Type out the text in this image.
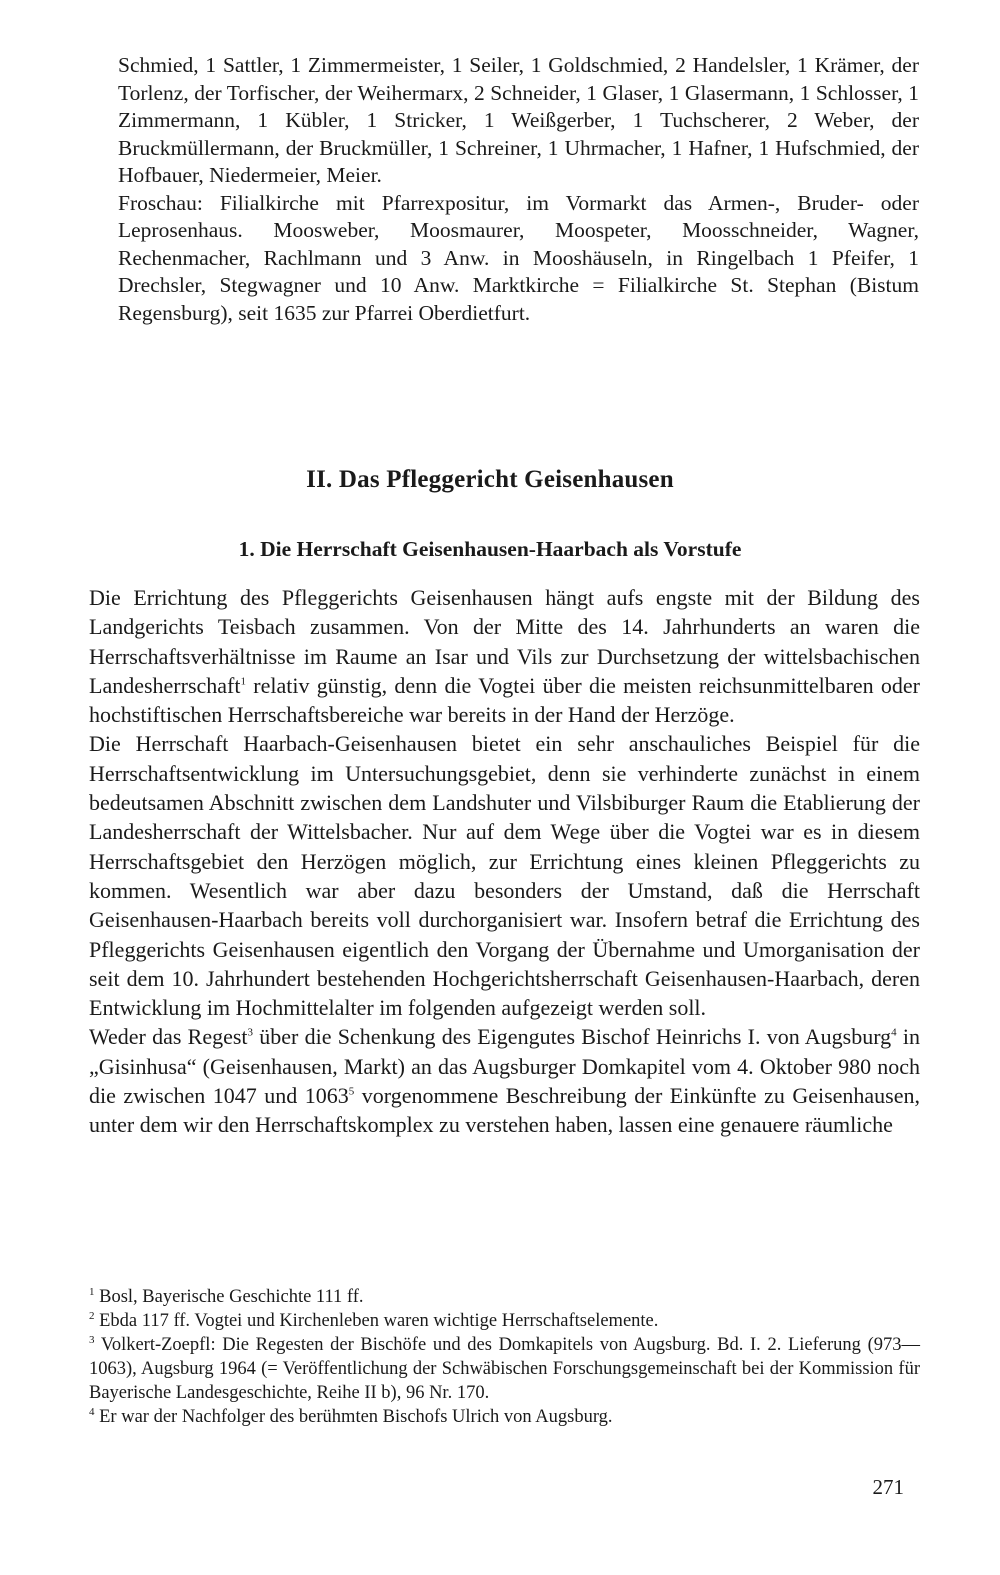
Schmied, 1 Sattler, 1 Zimmermeister, 1 Seiler, 1 Goldschmied, 2 Handelsler, 1 Krämer, der Torlenz, der Torfischer, der Weihermarx, 2 Schneider, 1 Glaser, 1 Glasermann, 1 Schlosser, 1 Zimmermann, 1 Kübler, 1 Stricker, 1 Weißgerber, 1 Tuchscherer, 2 Weber, der Bruckmüllermann, der Bruckmüller, 1 Schreiner, 1 Uhrmacher, 1 Hafner, 1 Hufschmied, der Hofbauer, Niedermeier, Meier.

Froschau: Filialkirche mit Pfarrexpositur, im Vormarkt das Armen-, Bruder- oder Leprosenhaus. Moosweber, Moosmaurer, Moospeter, Moosschneider, Wagner, Rechenmacher, Rachlmann und 3 Anw. in Mooshäuseln, in Ringelbach 1 Pfeifer, 1 Drechsler, Stegwagner und 10 Anw. Marktkirche = Filialkirche St. Stephan (Bistum Regensburg), seit 1635 zur Pfarrei Oberdietfurt.

II. Das Pfleggericht Geisenhausen
1. Die Herrschaft Geisenhausen-Haarbach als Vorstufe

Die Errichtung des Pfleggerichts Geisenhausen hängt aufs engste mit der Bildung des Landgerichts Teisbach zusammen. Von der Mitte des 14. Jahrhunderts an waren die Herrschaftsverhältnisse im Raume an Isar und Vils zur Durchsetzung der wittelsbachischen Landesherrschaft$^1$ relativ günstig, denn die Vogtei über die meisten reichsunmittelbaren oder hochstiftischen Herrschaftsbereiche war bereits in der Hand der Herzöge.

Die Herrschaft Haarbach-Geisenhausen bietet ein sehr anschauliches Beispiel für die Herrschaftsentwicklung im Untersuchungsgebiet, denn sie verhinderte zunächst in einem bedeutsamen Abschnitt zwischen dem Landshuter und Vilsbiburger Raum die Etablierung der Landesherrschaft der Wittelsbacher. Nur auf dem Wege über die Vogtei war es in diesem Herrschaftsgebiet den Herzögen möglich, zur Errichtung eines kleinen Pfleggerichts zu kommen. Wesentlich war aber dazu besonders der Umstand, daß die Herrschaft Geisenhausen-Haarbach bereits voll durchorganisiert war. Insofern betraf die Errichtung des Pfleggerichts Geisenhausen eigentlich den Vorgang der Übernahme und Umorganisation der seit dem 10. Jahrhundert bestehenden Hochgerichtsherrschaft Geisenhausen-Haarbach, deren Entwicklung im Hochmittelalter im folgenden aufgezeigt werden soll.

Weder das Regest$^3$ über die Schenkung des Eigengutes Bischof Heinrichs I. von Augsburg$^4$ in „Gisinhusa“ (Geisenhausen, Markt) an das Augsburger Domkapitel vom 4. Oktober 980 noch die zwischen 1047 und 1063$^5$ vorgenommene Beschreibung der Einkünfte zu Geisenhausen, unter dem wir den Herrschaftskomplex zu verstehen haben, lassen eine genauere räumliche

$^1$ Bosl, Bayerische Geschichte 111 ff.

$^2$ Ebda 117 ff. Vogtei und Kirchenleben waren wichtige Herrschaftselemente.

$^3$ Volkert-Zoepfl: Die Regesten der Bischöfe und des Domkapitels von Augsburg. Bd. I. 2. Lieferung (973—1063), Augsburg 1964 (= Veröffentlichung der Schwäbischen Forschungsgemeinschaft bei der Kommission für Bayerische Landesgeschichte, Reihe II b), 96 Nr. 170.

$^4$ Er war der Nachfolger des berühmten Bischofs Ulrich von Augsburg.

271
